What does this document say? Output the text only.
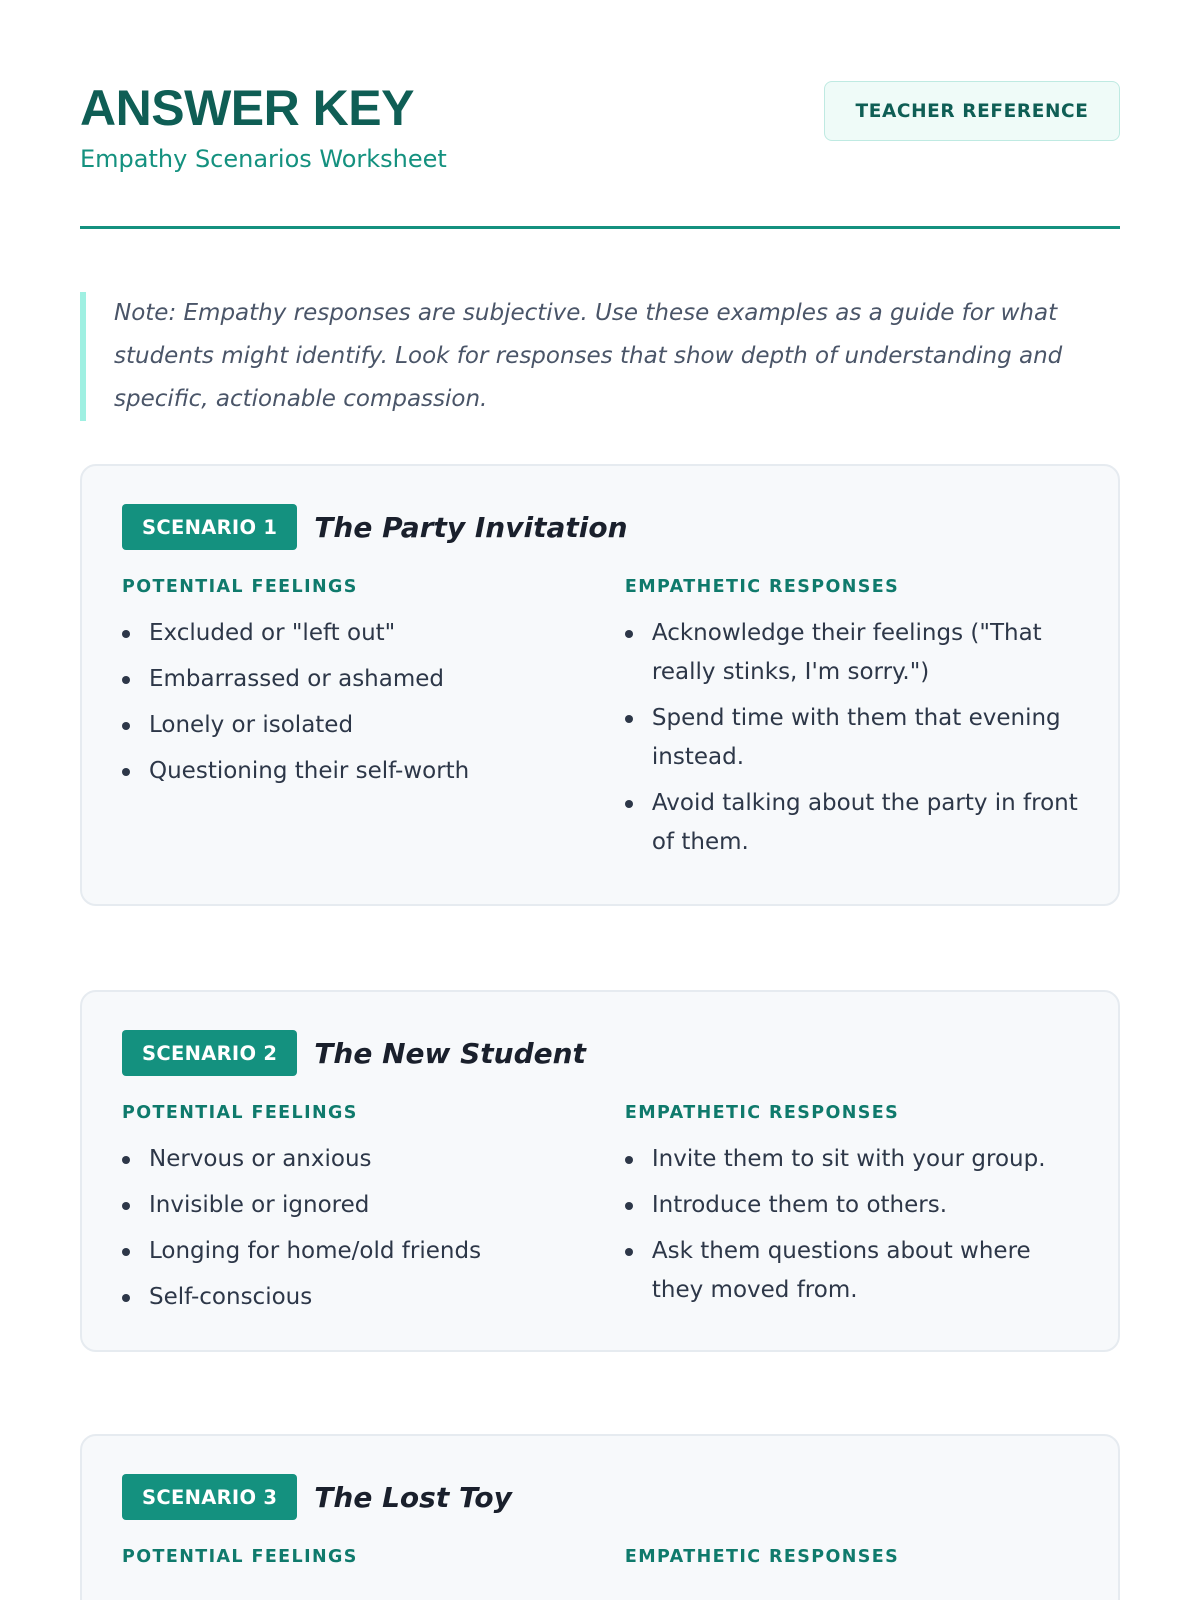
ANSWER KEY
Empathy Scenarios Worksheet
TEACHER REFERENCE
Note: Empathy responses are subjective. Use these examples as a guide for what students might identify. Look for responses that show depth of understanding and specific, actionable compassion.
SCENARIO 1	The Party Invitation
POTENTIAL FEELINGS
Excluded or "left out"
Embarrassed or ashamed
Lonely or isolated
Questioning their self-worth
EMPATHETIC RESPONSES
Acknowledge their feelings ("That really stinks, I'm sorry.")
Spend time with them that evening instead.
Avoid talking about the party in front of them.
SCENARIO 2	The New Student
POTENTIAL FEELINGS
Nervous or anxious
Invisible or ignored
Longing for home/old friends
Self-conscious
EMPATHETIC RESPONSES
Invite them to sit with your group.
Introduce them to others.
Ask them questions about where they moved from.
SCENARIO 3	The Lost Toy
POTENTIAL FEELINGS	EMPATHETIC RESPONSES
